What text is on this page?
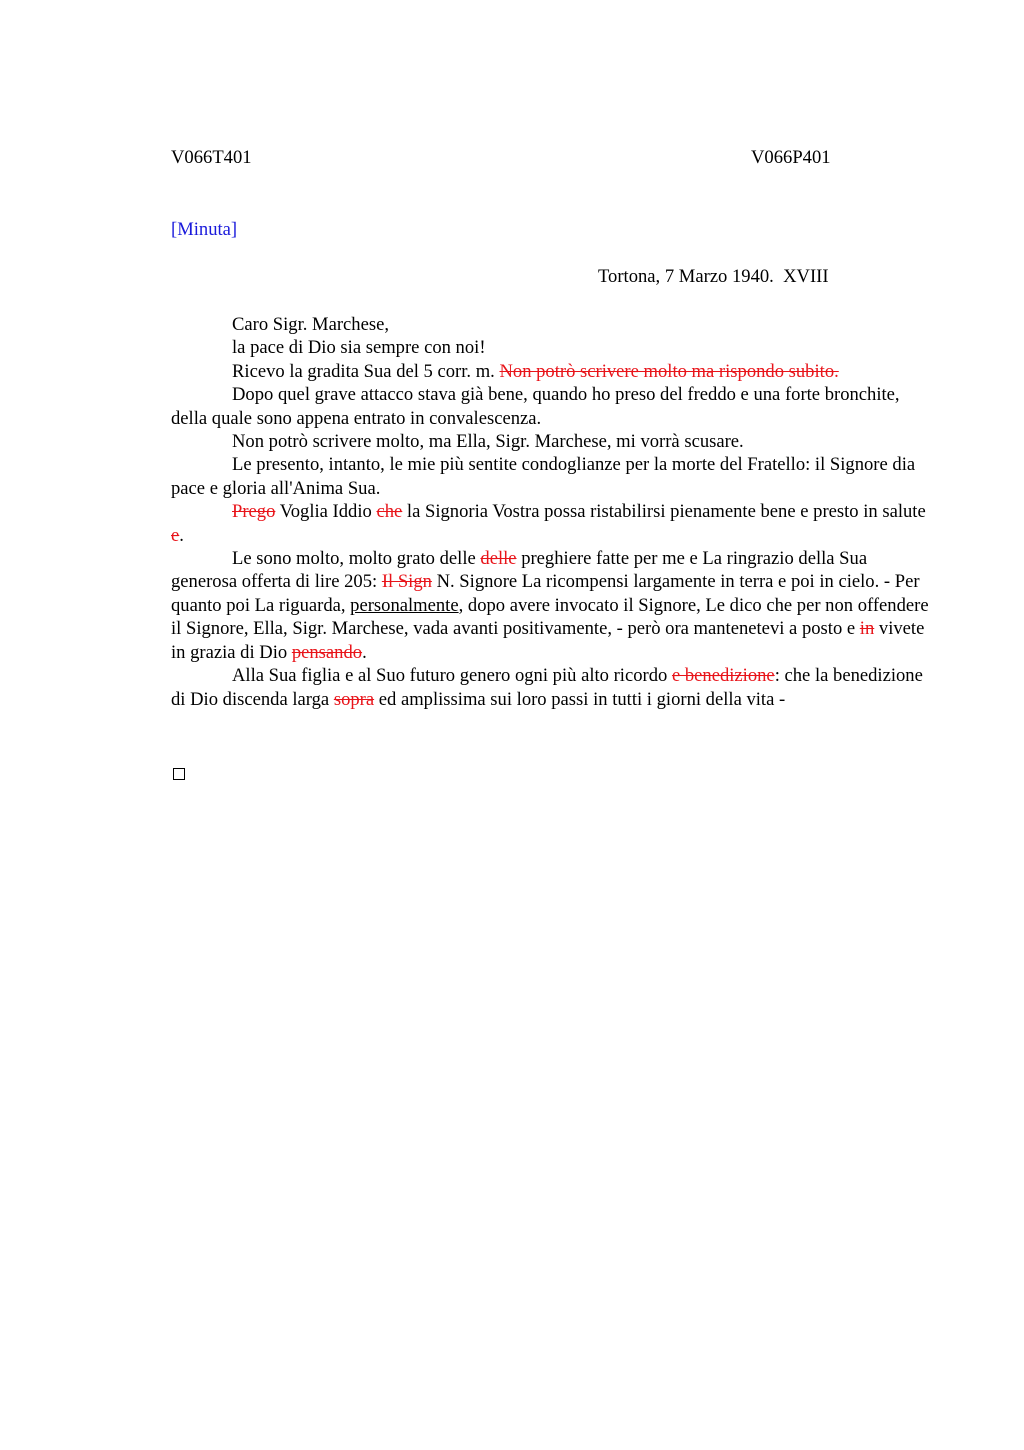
V066T401	V066P401
[Minuta]
Tortona, 7 Marzo 1940.  XVIII

Caro Sigr. Marchese,

la pace di Dio sia sempre con noi!

Ricevo la gradita Sua del 5 corr. m. Non potrò scrivere molto ma rispondo subito.

Dopo quel grave attacco stava già bene, quando ho preso del freddo e una forte bronchite, della quale sono appena entrato in convalescenza.

Non potrò scrivere molto, ma Ella, Sigr. Marchese, mi vorrà scusare.

Le presento, intanto, le mie più sentite condoglianze per la morte del Fratello: il Signore dia pace e gloria all'Anima Sua.

Prego Voglia Iddio che la Signoria Vostra possa ristabilirsi pienamente bene e presto in salute e.

Le sono molto, molto grato delle delle preghiere fatte per me e La ringrazio della Sua generosa offerta di lire 205: Il Sign N. Signore La ricompensi largamente in terra e poi in cielo. - Per quanto poi La riguarda, personalmente, dopo avere invocato il Signore, Le dico che per non offendere il Signore, Ella, Sigr. Marchese, vada avanti positivamente, - però ora mantenetevi a posto e in vivete in grazia di Dio pensando.

Alla Sua figlia e al Suo futuro genero ogni più alto ricordo e benedizione: che la benedizione di Dio discenda larga sopra ed amplissima sui loro passi in tutti i giorni della vita -
